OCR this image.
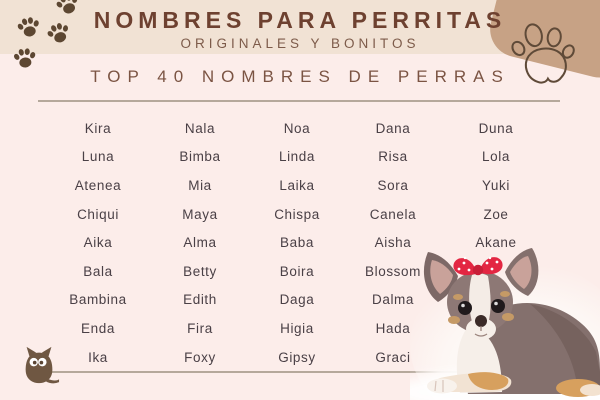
NOMBRES PARA PERRITAS
ORIGINALES Y BONITOS
TOP 40 NOMBRES DE PERRAS
Kira
Luna
Atenea
Chiqui
Aika
Bala
Bambina
Enda
Ika
Nala
Bimba
Mia
Maya
Alma
Betty
Edith
Fira
Foxy
Noa
Linda
Laika
Chispa
Baba
Boira
Daga
Higia
Gipsy
Dana
Risa
Sora
Canela
Aisha
Blossom
Dalma
Hada
Graci
Duna
Lola
Yuki
Zoe
Akane
